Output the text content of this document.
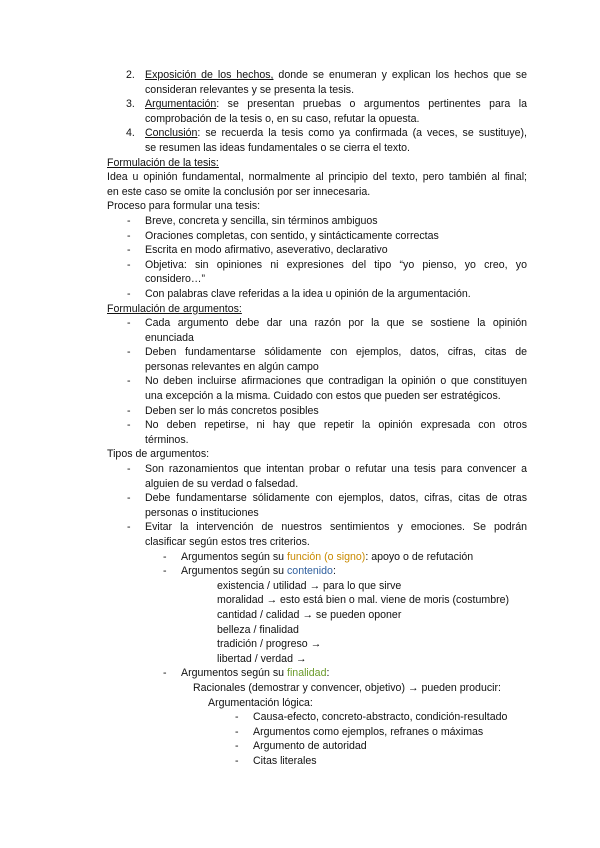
2. Exposición de los hechos, donde se enumeran y explican los hechos que se
consideran relevantes y se presenta la tesis.
3. Argumentación: se presentan pruebas o argumentos pertinentes para la
comprobación de la tesis o, en su caso, refutar la opuesta.
4. Conclusión: se recuerda la tesis como ya confirmada (a veces, se sustituye),
se resumen las ideas fundamentales o se cierra el texto.
Formulación de la tesis:
Idea u opinión fundamental, normalmente al principio del texto, pero también al final;
en este caso se omite la conclusión por ser innecesaria.
Proceso para formular una tesis:
- Breve, concreta y sencilla, sin términos ambiguos
- Oraciones completas, con sentido, y sintácticamente correctas
- Escrita en modo afirmativo, aseverativo, declarativo
- Objetiva: sin opiniones ni expresiones del tipo “yo pienso, yo creo, yo
considero…”
- Con palabras clave referidas a la idea u opinión de la argumentación.
Formulación de argumentos:
- Cada argumento debe dar una razón por la que se sostiene la opinión
enunciada
- Deben fundamentarse sólidamente con ejemplos, datos, cifras, citas de
personas relevantes en algún campo
- No deben incluirse afirmaciones que contradigan la opinión o que constituyen
una excepción a la misma. Cuidado con estos que pueden ser estratégicos.
- Deben ser lo más concretos posibles
- No deben repetirse, ni hay que repetir la opinión expresada con otros
términos.
Tipos de argumentos:
- Son razonamientos que intentan probar o refutar una tesis para convencer a
alguien de su verdad o falsedad.
- Debe fundamentarse sólidamente con ejemplos, datos, cifras, citas de otras
personas o instituciones
- Evitar la intervención de nuestros sentimientos y emociones. Se podrán
clasificar según estos tres criterios.
- Argumentos según su función (o signo): apoyo o de refutación
- Argumentos según su contenido:
existencia / utilidad → para lo que sirve
moralidad → esto está bien o mal. viene de moris (costumbre)
cantidad / calidad → se pueden oponer
belleza / finalidad
tradición / progreso →
libertad / verdad →
- Argumentos según su finalidad:
Racionales (demostrar y convencer, objetivo) → pueden producir:
Argumentación lógica:
- Causa-efecto, concreto-abstracto, condición-resultado
- Argumentos como ejemplos, refranes o máximas
- Argumento de autoridad
- Citas literales
